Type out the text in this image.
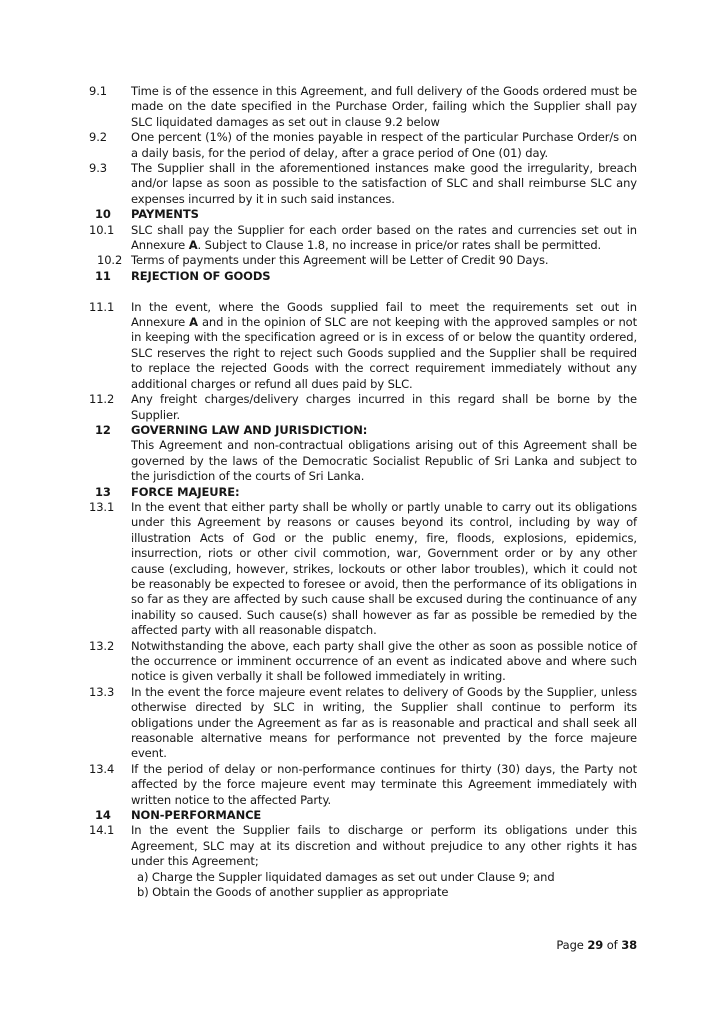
9.1 Time is of the essence in this Agreement, and full delivery of the Goods ordered must be made on the date specified in the Purchase Order, failing which the Supplier shall pay SLC liquidated damages as set out in clause 9.2 below
9.2 One percent (1%) of the monies payable in respect of the particular Purchase Order/s on a daily basis, for the period of delay, after a grace period of One (01) day.
9.3 The Supplier shall in the aforementioned instances make good the irregularity, breach and/or lapse as soon as possible to the satisfaction of SLC and shall reimburse SLC any expenses incurred by it in such said instances.
10 PAYMENTS
10.1 SLC shall pay the Supplier for each order based on the rates and currencies set out in Annexure A. Subject to Clause 1.8, no increase in price/or rates shall be permitted.
10.2 Terms of payments under this Agreement will be Letter of Credit 90 Days.
11 REJECTION OF GOODS
11.1 In the event, where the Goods supplied fail to meet the requirements set out in Annexure A and in the opinion of SLC are not keeping with the approved samples or not in keeping with the specification agreed or is in excess of or below the quantity ordered, SLC reserves the right to reject such Goods supplied and the Supplier shall be required to replace the rejected Goods with the correct requirement immediately without any additional charges or refund all dues paid by SLC.
11.2 Any freight charges/delivery charges incurred in this regard shall be borne by the Supplier.
12 GOVERNING LAW AND JURISDICTION:
This Agreement and non-contractual obligations arising out of this Agreement shall be governed by the laws of the Democratic Socialist Republic of Sri Lanka and subject to the jurisdiction of the courts of Sri Lanka.
13 FORCE MAJEURE:
13.1 In the event that either party shall be wholly or partly unable to carry out its obligations under this Agreement by reasons or causes beyond its control, including by way of illustration Acts of God or the public enemy, fire, floods, explosions, epidemics, insurrection, riots or other civil commotion, war, Government order or by any other cause (excluding, however, strikes, lockouts or other labor troubles), which it could not be reasonably be expected to foresee or avoid, then the performance of its obligations in so far as they are affected by such cause shall be excused during the continuance of any inability so caused. Such cause(s) shall however as far as possible be remedied by the affected party with all reasonable dispatch.
13.2 Notwithstanding the above, each party shall give the other as soon as possible notice of the occurrence or imminent occurrence of an event as indicated above and where such notice is given verbally it shall be followed immediately in writing.
13.3 In the event the force majeure event relates to delivery of Goods by the Supplier, unless otherwise directed by SLC in writing, the Supplier shall continue to perform its obligations under the Agreement as far as is reasonable and practical and shall seek all reasonable alternative means for performance not prevented by the force majeure event.
13.4 If the period of delay or non-performance continues for thirty (30) days, the Party not affected by the force majeure event may terminate this Agreement immediately with written notice to the affected Party.
14 NON-PERFORMANCE
14.1 In the event the Supplier fails to discharge or perform its obligations under this Agreement, SLC may at its discretion and without prejudice to any other rights it has under this Agreement;
a) Charge the Suppler liquidated damages as set out under Clause 9; and
b) Obtain the Goods of another supplier as appropriate
Page 29 of 38
